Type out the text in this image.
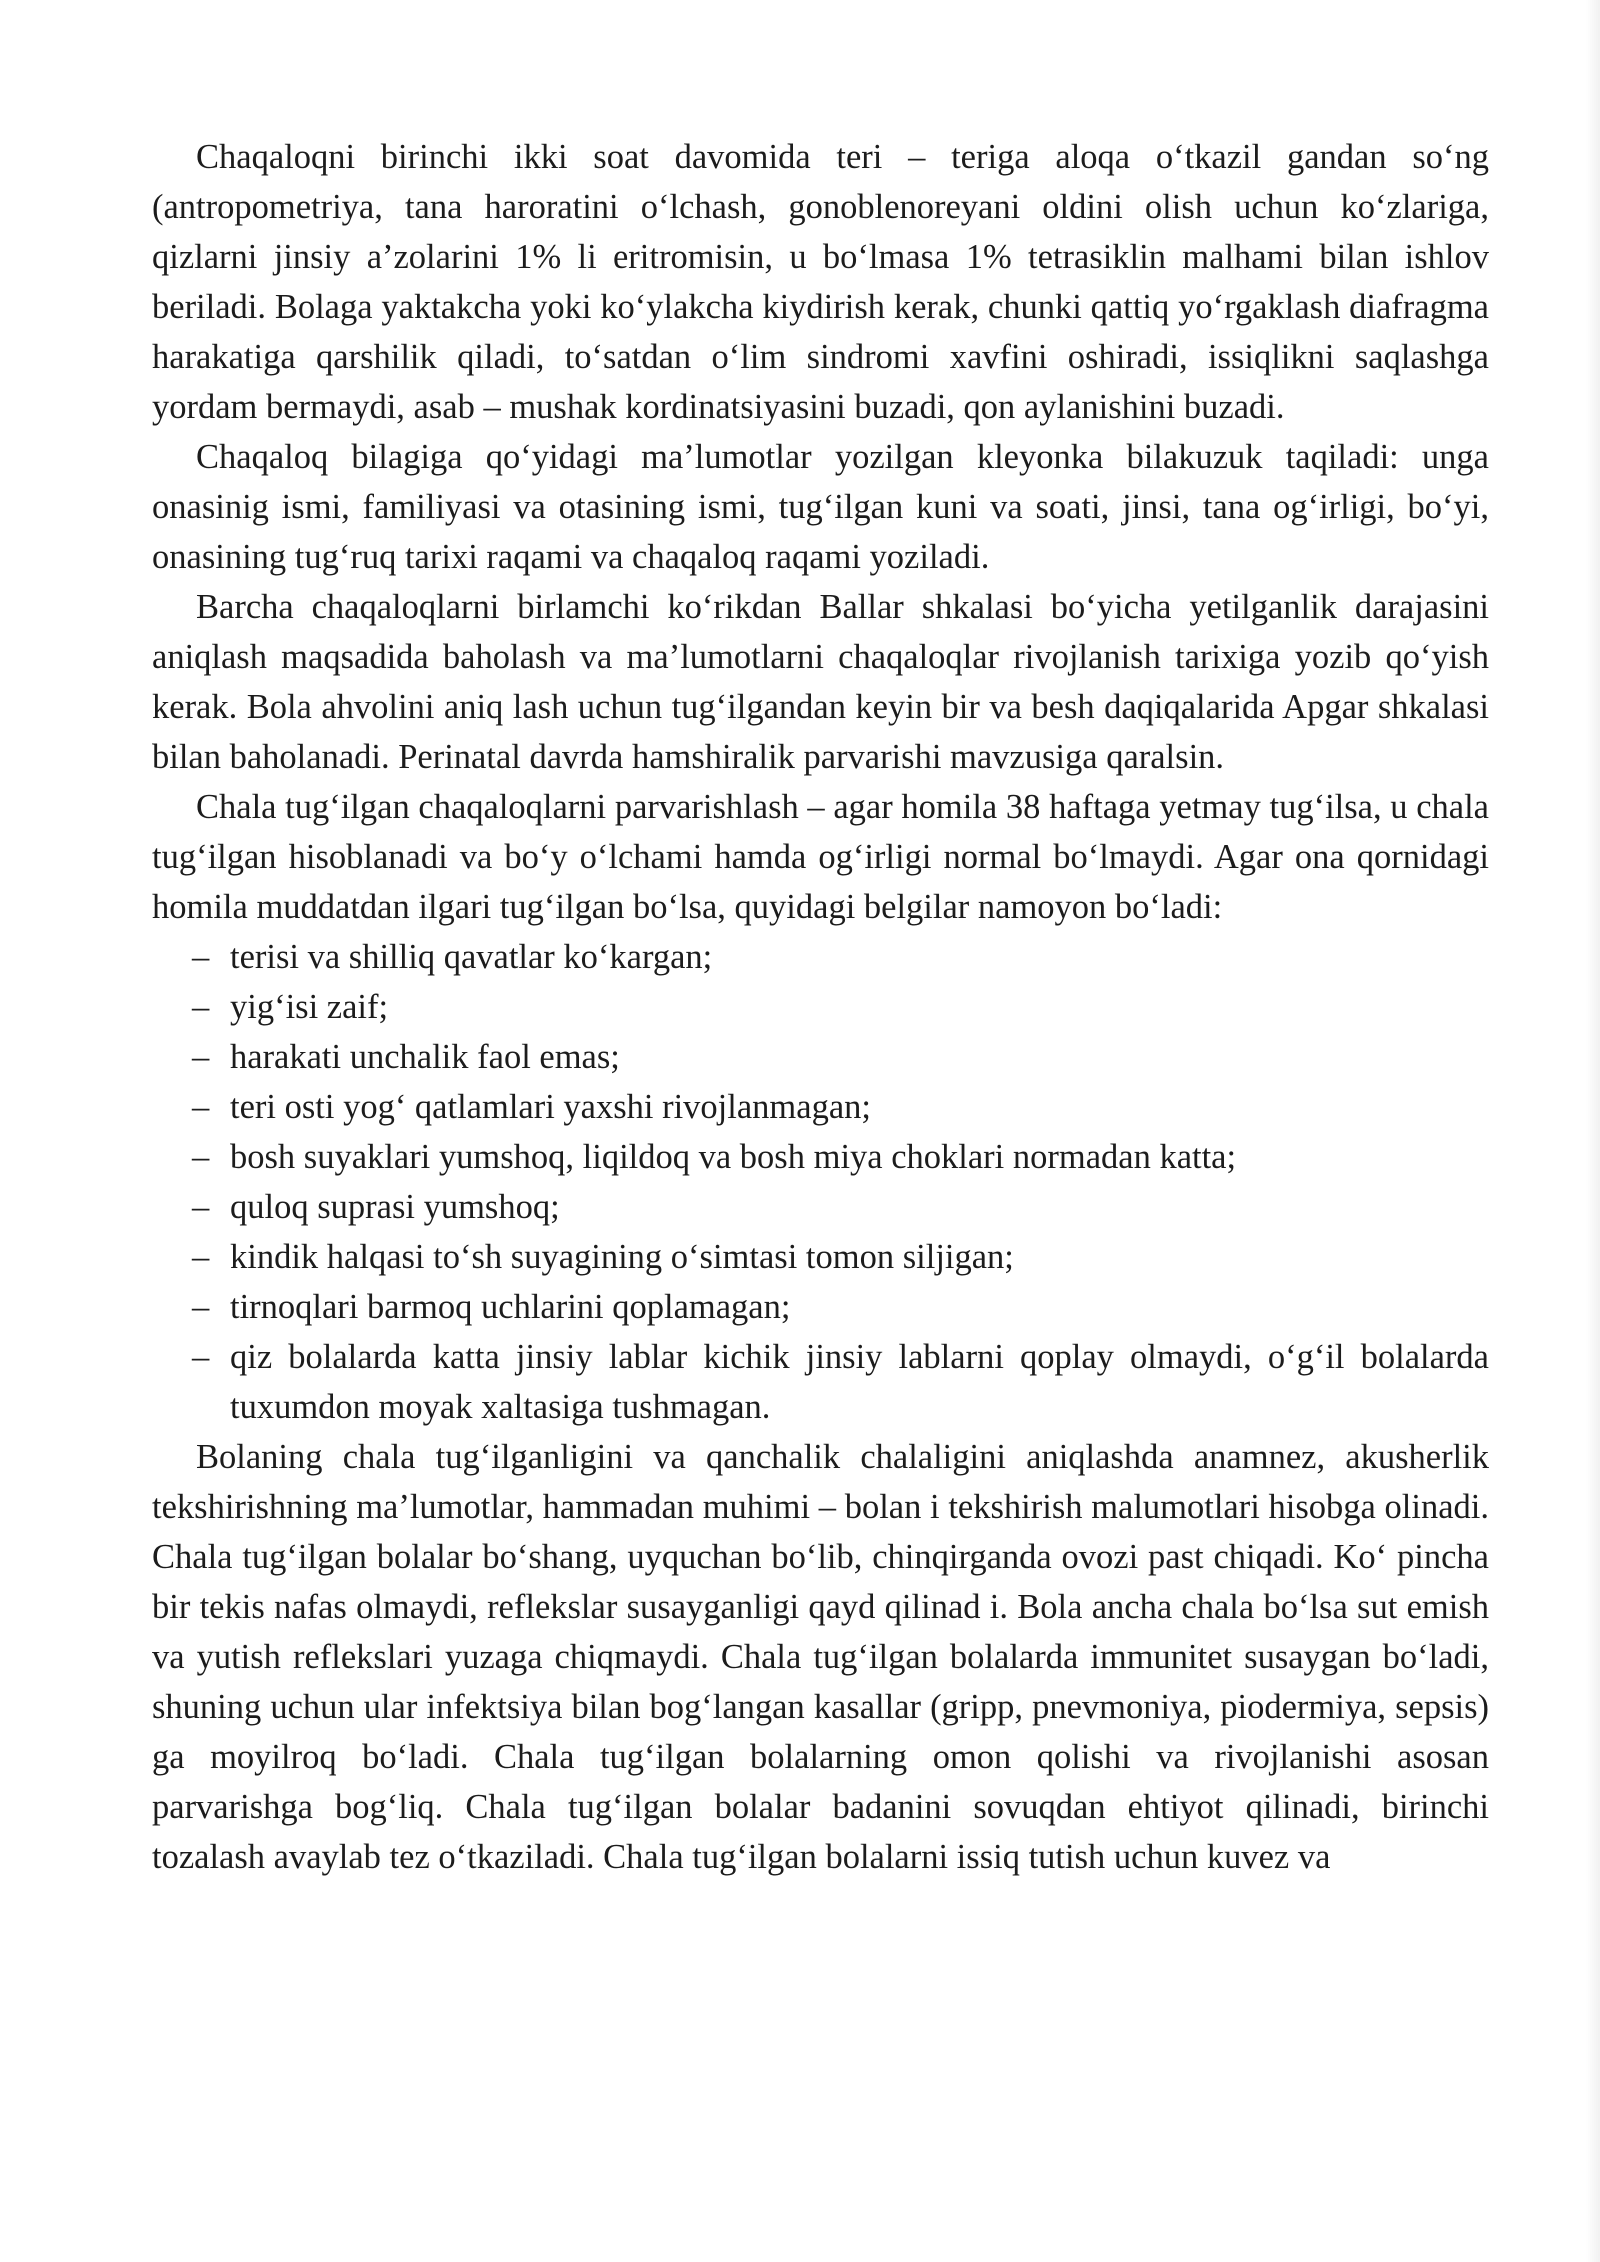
Chaqaloqni birinchi ikki soat davomida teri – teriga aloqa o‘tkazil gandan so‘ng (antropometriya, tana haroratini o‘lchash, gonoblenoreyani oldini olish uchun ko‘zlariga, qizlarni jinsiy a’zolarini 1% li eritromisin, u bo‘lmasa 1% tetrasiklin malhami bilan ishlov beriladi. Bolaga yaktakcha yoki ko‘ylakcha kiydirish kerak, chunki qattiq yo‘rgaklash diafragma harakatiga qarshilik qiladi, to‘satdan o‘lim sindromi xavfini oshiradi, issiqlikni saqlashga yordam bermaydi, asab – mushak kordinatsiyasini buzadi, qon aylanishini buzadi.

Chaqaloq bilagiga qo‘yidagi ma’lumotlar yozilgan kleyonka bilakuzuk taqiladi: unga onasinig ismi, familiyasi va otasining ismi, tug‘ilgan kuni va soati, jinsi, tana og‘irligi, bo‘yi, onasining tug‘ruq tarixi raqami va chaqaloq raqami yoziladi.

Barcha chaqaloqlarni birlamchi ko‘rikdan Ballar shkalasi bo‘yicha yetilganlik darajasini aniqlash maqsadida baholash va ma’lumotlarni chaqaloqlar rivojlanish tarixiga yozib qo‘yish kerak. Bola ahvolini aniq lash uchun tug‘ilgandan keyin bir va besh daqiqalarida Apgar shkalasi bilan baholanadi. Perinatal davrda hamshiralik parvarishi mavzusiga qaralsin.

Chala tug‘ilgan chaqaloqlarni parvarishlash – agar homila 38 haftaga yetmay tug‘ilsa, u chala tug‘ilgan hisoblanadi va bo‘y o‘lchami hamda og‘irligi normal bo‘lmaydi. Agar ona qornidagi homila muddatdan ilgari tug‘ilgan bo‘lsa, quyidagi belgilar namoyon bo‘ladi:

– terisi va shilliq qavatlar ko‘kargan;
– yig‘isi zaif;
– harakati unchalik faol emas;
– teri osti yog‘ qatlamlari yaxshi rivojlanmagan;
– bosh suyaklari yumshoq, liqildoq va bosh miya choklari normadan katta;
– quloq suprasi yumshoq;
– kindik halqasi to‘sh suyagining o‘simtasi tomon siljigan;
– tirnoqlari barmoq uchlarini qoplamagan;
– qiz bolalarda katta jinsiy lablar kichik jinsiy lablarni qoplay olmaydi, o‘g‘il bolalarda tuxumdon moyak xaltasiga tushmagan.

Bolaning chala tug‘ilganligini va qanchalik chalaligini aniqlashda anamnez, akusherlik tekshirishning ma’lumotlar, hammadan muhimi – bolan i tekshirish malumotlari hisobga olinadi. Chala tug‘ilgan bolalar bo‘shang, uyquchan bo‘lib, chinqirganda ovozi past chiqadi. Ko‘ pincha bir tekis nafas olmaydi, reflekslar susayganligi qayd qilinad i. Bola ancha chala bo‘lsa sut emish va yutish reflekslari yuzaga chiqmaydi. Chala tug‘ilgan bolalarda immunitet susaygan bo‘ladi, shuning uchun ular infektsiya bilan bog‘langan kasallar (gripp, pnevmoniya, piodermiya, sepsis) ga moyilroq bo‘ladi. Chala tug‘ilgan bolalarning omon qolishi va rivojlanishi asosan parvarishga bog‘liq. Chala tug‘ilgan bolalar badanini sovuqdan ehtiyot qilinadi, birinchi tozalash avaylab tez o‘tkaziladi. Chala tug‘ilgan bolalarni issiq tutish uchun kuvez va
